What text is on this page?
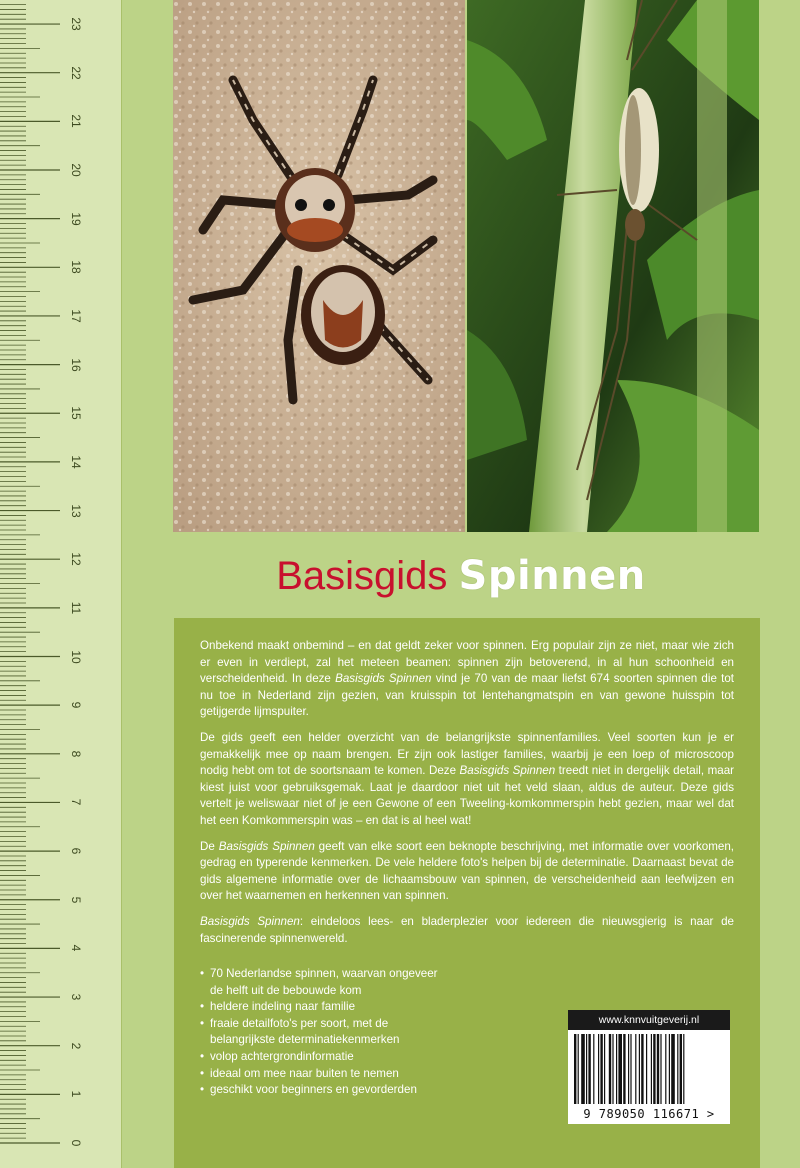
0
1
2
3
4
5
6
7
8
9
10
11
12
13
14
15
16
17
18
19
20
21
22
23
Basisgids Spinnen

Onbekend maakt onbemind – en dat geldt zeker voor spinnen. Erg populair zijn ze niet, maar wie zich er even in verdiept, zal het meteen beamen: spinnen zijn betoverend, in al hun schoonheid en verscheidenheid. In deze Basisgids Spinnen vind je 70 van de maar liefst 674 soorten spinnen die tot nu toe in Nederland zijn gezien, van kruisspin tot lentehangmatspin en van gewone huisspin tot getijgerde lijmspuiter.

De gids geeft een helder overzicht van de belangrijkste spinnenfamilies. Veel soorten kun je er gemakkelijk mee op naam brengen. Er zijn ook lastiger families, waarbij je een loep of microscoop nodig hebt om tot de soortsnaam te komen. Deze Basisgids Spinnen treedt niet in dergelijk detail, maar kiest juist voor gebruiksgemak. Laat je daardoor niet uit het veld slaan, aldus de auteur. Deze gids vertelt je weliswaar niet of je een Gewone of een Tweeling-komkommerspin hebt gezien, maar wel dat het een Komkommerspin was – en dat is al heel wat!

De Basisgids Spinnen geeft van elke soort een beknopte beschrijving, met informatie over voorkomen, gedrag en typerende kenmerken. De vele heldere foto's helpen bij de determinatie. Daarnaast bevat de gids algemene informatie over de lichaamsbouw van spinnen, de verscheidenheid aan leefwijzen en over het waarnemen en herkennen van spinnen.

Basisgids Spinnen: eindeloos lees- en bladerplezier voor iedereen die nieuwsgierig is naar de fascinerende spinnenwereld.

• 70 Nederlandse spinnen, waarvan ongeveer de helft uit de bebouwde kom
• heldere indeling naar familie
• fraaie detailfoto's per soort, met de belangrijkste determinatiekenmerken
• volop achtergrondinformatie
• ideaal om mee naar buiten te nemen
• geschikt voor beginners en gevorderden
www.knnvuitgeverij.nl
9 789050 116671 >
